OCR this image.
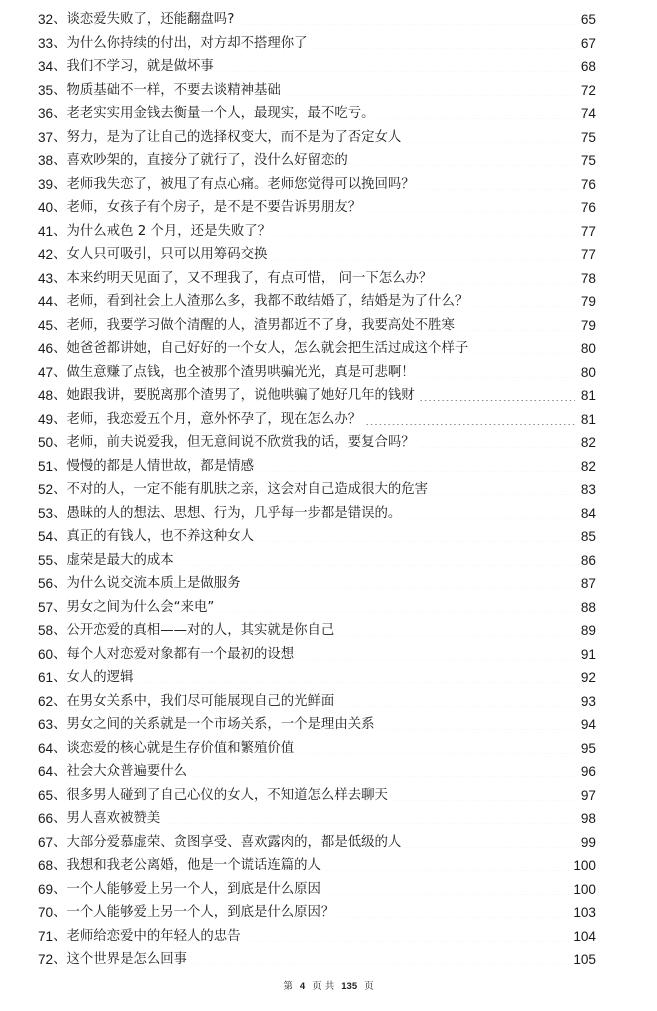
32 、谈恋爱失败了，还能翻盘吗?	65
33 、为什么你持续的付出，对方却不搭理你了	67
34 、我们不学习，就是做坏事	68
35 、物质基础不一样，不要去谈精神基础	72
36 、老老实实用金钱去衡量一个人，最现实，最不吃亏。	74
37 、努力，是为了让自己的选择权变大，而不是为了否定女人	75
38 、喜欢吵架的，直接分了就行了，没什么好留恋的	75
39 、老师我失恋了，被甩了有点心痛。老师您觉得可以挽回吗？	76
40 、老师，女孩子有个房子，是不是不要告诉男朋友？	76
41 、为什么戒色 2 个月，还是失败了？	77
42 、女人只可吸引，只可以用筹码交换	77
43 、本来约明天见面了，又不理我了，有点可惜， 问一下怎么办？	78
44 、老师，看到社会上人渣那么多，我都不敢结婚了，结婚是为了什么？	79
45 、老师，我要学习做个清醒的人，渣男都近不了身，我要高处不胜寒	79
46 、她爸爸都讲她，自己好好的一个女人，怎么就会把生活过成这个样子	80
47 、做生意赚了点钱，也全被那个渣男哄骗光光，真是可悲啊！	80
48 、她跟我讲，要脱离那个渣男了，说他哄骗了她好几年的钱财	81
49 、老师，我恋爱五个月，意外怀孕了，现在怎么办？	81
50 、老师，前夫说爱我，但无意间说不欣赏我的话，要复合吗？	82
51 、慢慢的都是人情世故，都是情感	82
52 、不对的人，一定不能有肌肤之亲，这会对自己造成很大的危害	83
53 、愚昧的人的想法、思想、行为，几乎每一步都是错误的。	84
54 、真正的有钱人，也不养这种女人	85
55 、虚荣是最大的成本	86
56 、为什么说交流本质上是做服务	87
57 、男女之间为什么会“来电”	88
58 、公开恋爱的真相——对的人，其实就是你自己	89
60 、每个人对恋爱对象都有一个最初的设想	91
61 、女人的逻辑	92
62 、在男女关系中，我们尽可能展现自己的光鲜面	93
63 、男女之间的关系就是一个市场关系，一个是理由关系	94
64 、谈恋爱的核心就是生存价值和繁殖价值	95
64 、社会大众普遍要什么	96
65 、很多男人碰到了自己心仪的女人，不知道怎么样去聊天	97
66 、男人喜欢被赞美	98
67 、大部分爱慕虚荣、贪图享受、喜欢露肉的，都是低级的人	99
68 、我想和我老公离婚，他是一个谎话连篇的人	100
69 、一个人能够爱上另一个人，到底是什么原因	100
70 、一个人能够爱上另一个人，到底是什么原因？	103
71 、老师给恋爱中的年轻人的忠告	104
72 、这个世界是怎么回事	105
第 4 页 共 135 页
